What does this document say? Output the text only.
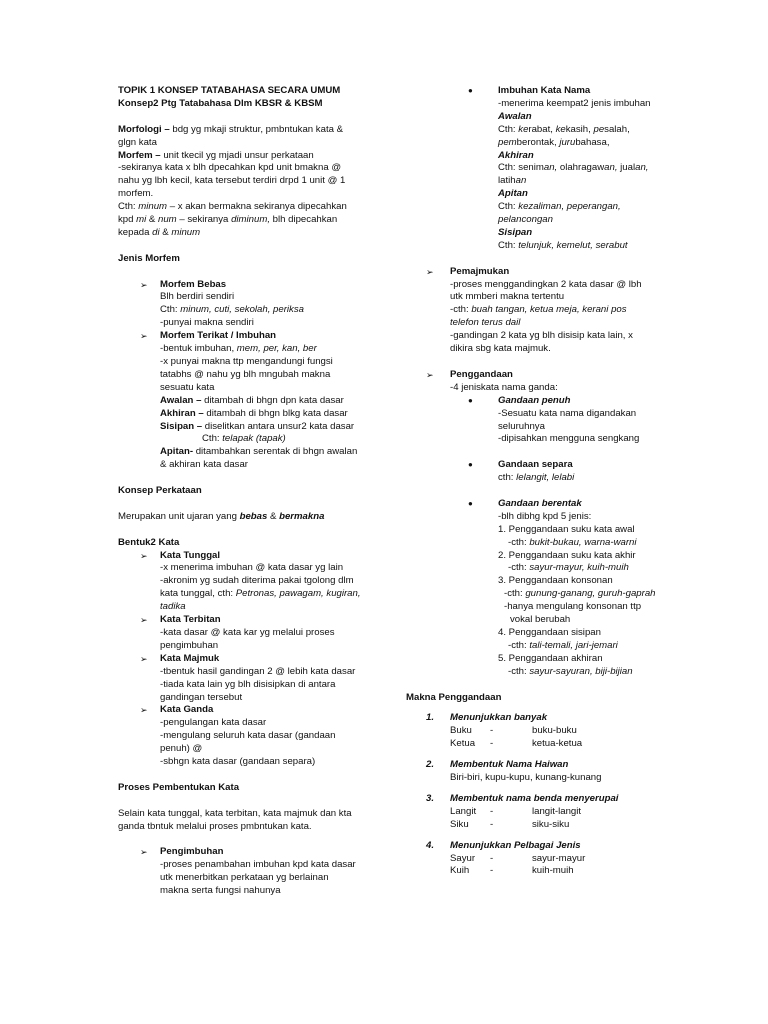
TOPIK 1 KONSEP TATABAHASA SECARA UMUM

Konsep2 Ptg Tatabahasa Dlm KBSR & KBSM

Morfologi – bdg yg mkaji struktur, pmbntukan kata &

glgn kata

Morfem – unit tkecil yg mjadi unsur perkataan

-sekiranya kata x blh dpecahkan kpd unit bmakna @

nahu yg lbh kecil, kata tersebut terdiri drpd 1 unit @ 1

morfem.

Cth: minum – x akan bermakna sekiranya dipecahkan

kpd mi & num – sekiranya diminum, blh dipecahkan

kepada di & minum

Jenis Morfem

➢ Morfem Bebas

Blh berdiri sendiri

Cth: minum, cuti, sekolah, periksa

-punyai makna sendiri

➢ Morfem Terikat / Imbuhan

-bentuk imbuhan, mem, per, kan, ber

-x punyai makna ttp mengandungi fungsi

tatabhs @ nahu yg blh mngubah makna

sesuatu kata

Awalan – ditambah di bhgn dpn kata dasar

Akhiran – ditambah di bhgn blkg kata dasar

Sisipan – diselitkan antara unsur2 kata dasar

Cth: telapak (tapak)

Apitan- ditambahkan serentak di bhgn awalan

& akhiran kata dasar

Konsep Perkataan

Merupakan unit ujaran yang bebas & bermakna

Bentuk2 Kata

➢ Kata Tunggal

-x menerima imbuhan @ kata dasar yg lain

-akronim yg sudah diterima pakai tgolong dlm

kata tunggal, cth: Petronas, pawagam, kugiran,

tadika

➢ Kata Terbitan

-kata dasar @ kata kar yg melalui proses

pengimbuhan

➢ Kata Majmuk

-tbentuk hasil gandingan 2 @ lebih kata dasar

-tiada kata lain yg blh disisipkan di antara

gandingan tersebut

➢ Kata Ganda

-pengulangan kata dasar

-mengulang seluruh kata dasar (gandaan

penuh) @

-sbhgn kata dasar (gandaan separa)

Proses Pembentukan Kata

Selain kata tunggal, kata terbitan, kata majmuk dan kta

ganda tbntuk melalui proses pmbntukan kata.

➢ Pengimbuhan

-proses penambahan imbuhan kpd kata dasar

utk menerbitkan perkataan yg berlainan

makna serta fungsi nahunya

●	Imbuhan Kata Nama

-menerima keempat2 jenis imbuhan

Awalan

Cth: kerabat, kekasih, pesalah,

pemberontak, jurubahasa,

Akhiran

Cth: seniman, olahragawan, jualan,

latihan

Apitan

Cth: kezaliman, peperangan,

pelancongan

Sisipan

Cth: telunjuk, kemelut, serabut

➢ Pemajmukan

-proses menggandingkan 2 kata dasar @ lbh

utk mmberi makna tertentu

-cth: buah tangan, ketua meja, kerani pos

telefon terus dail

-gandingan 2 kata yg blh disisip kata lain, x

dikira sbg kata majmuk.

➢ Penggandaan

-4 jeniskata nama ganda:

●	Gandaan penuh

-Sesuatu kata nama digandakan

seluruhnya

-dipisahkan mengguna sengkang

●	Gandaan separa

cth: lelangit, lelabi

●	Gandaan berentak

-blh dibhg kpd 5 jenis:

1. Penggandaan suku kata awal

-cth: bukit-bukau, warna-warni

2. Penggandaan suku kata akhir

-cth: sayur-mayur, kuih-muih

3. Penggandaan konsonan

-cth: gunung-ganang, guruh-gaprah

-hanya mengulang konsonan ttp

vokal berubah

4. Penggandaan sisipan

-cth: tali-temali, jari-jemari

5. Penggandaan akhiran

-cth: sayur-sayuran, biji-bijian

Makna Penggandaan

1. Menunjukkan banyak

Buku	-	buku-buku
Ketua	-	ketua-ketua
2. Membentuk Nama Haiwan

Biri-biri, kupu-kupu, kunang-kunang

3. Membentuk nama benda menyerupai

Langit	-	langit-langit
Siku	-	siku-siku
4. Menunjukkan Pelbagai Jenis

Sayur	-	sayur-mayur
Kuih	-	kuih-muih
